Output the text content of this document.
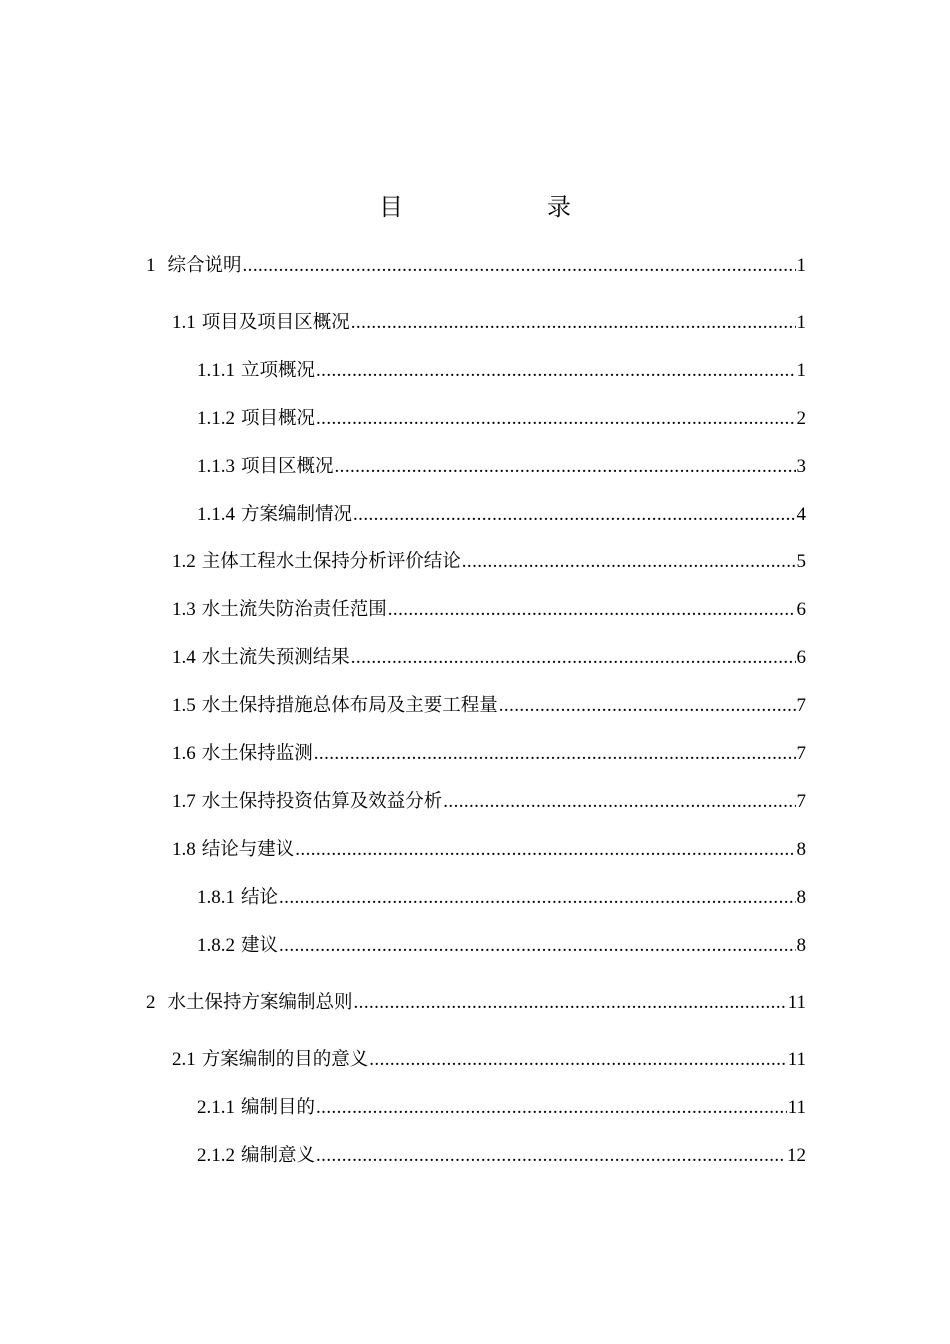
目　录
1 综合说明 .....	1
1.1 项目及项目区概况 .....	1
1.1.1 立项概况 .....	1
1.1.2 项目概况 .....	2
1.1.3 项目区概况 .....	3
1.1.4 方案编制情况 .....	4
1.2 主体工程水土保持分析评价结论 .....	5
1.3 水土流失防治责任范围 .....	6
1.4 水土流失预测结果 .....	6
1.5 水土保持措施总体布局及主要工程量 .....	7
1.6 水土保持监测 .....	7
1.7 水土保持投资估算及效益分析 .....	7
1.8 结论与建议 .....	8
1.8.1 结论 .....	8
1.8.2 建议 .....	8
2 水土保持方案编制总则 .....	11
2.1 方案编制的目的意义 .....	11
2.1.1 编制目的 .....	11
2.1.2 编制意义 .....	12
